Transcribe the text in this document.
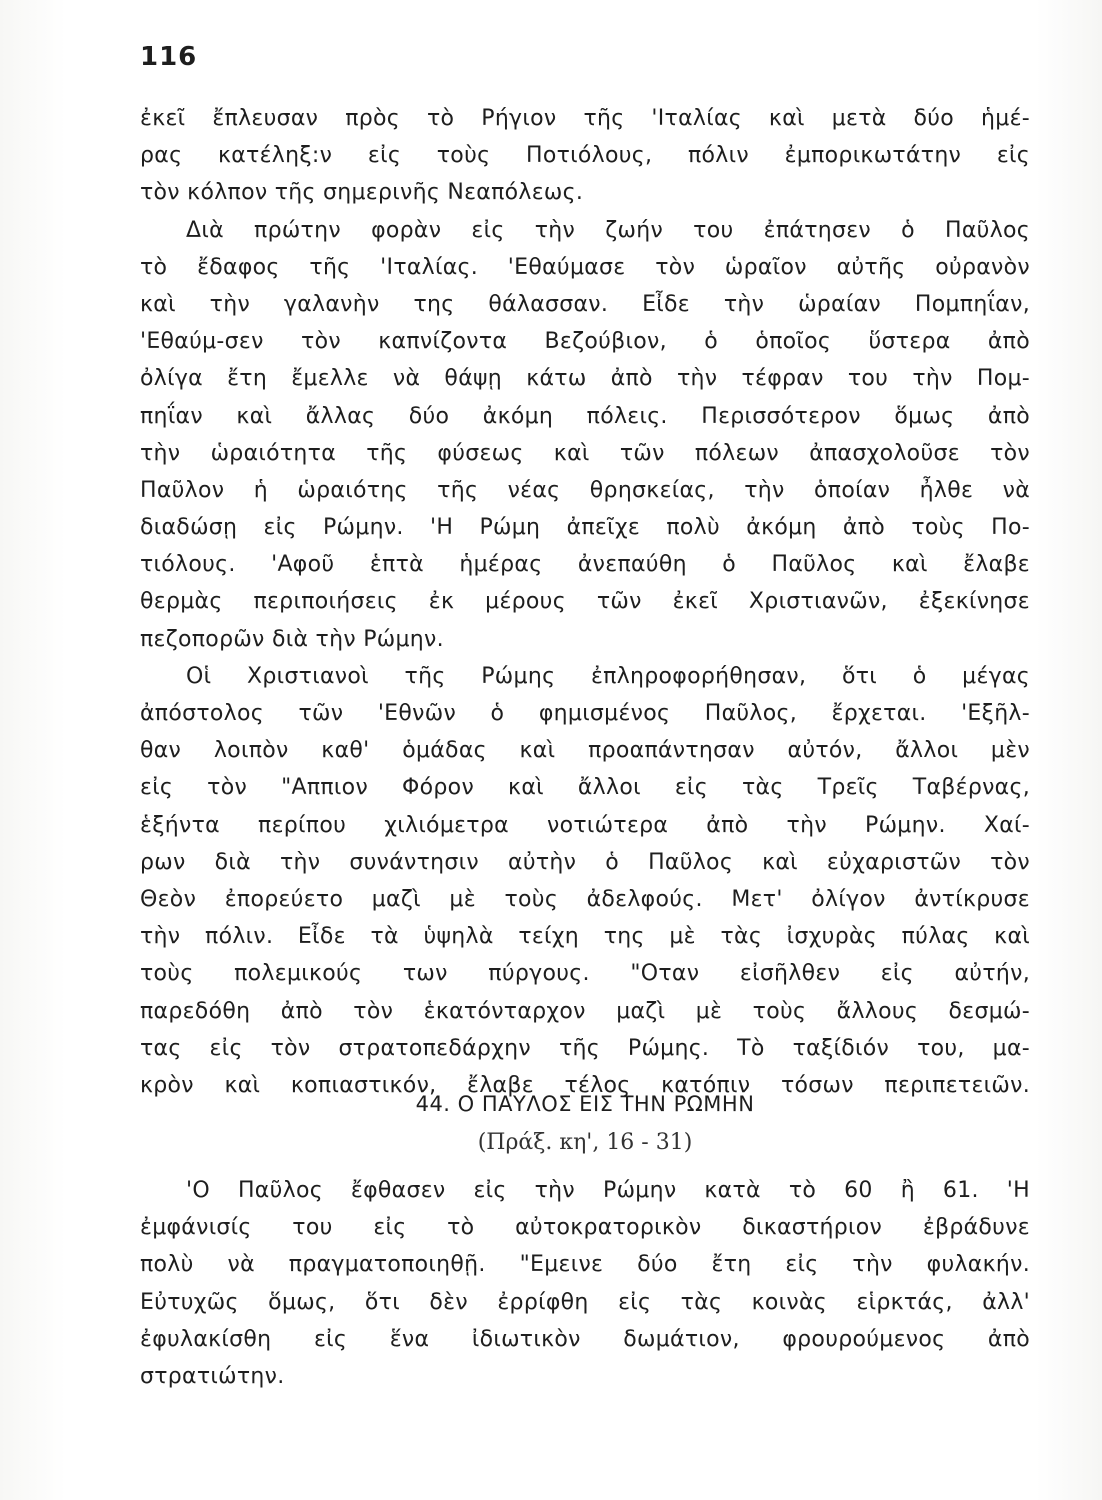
116
ἐκεῖ ἔπλευσαν πρὸς τὸ Ρήγιον τῆς 'Ιταλίας καὶ μετὰ δύο ἡμέ-
ρας κατέληξ:ν εἰς τοὺς Ποτιόλους, πόλιν ἐμπορικωτάτην εἰς
τὸν κόλπον τῆς σημερινῆς Νεαπόλεως.
Διὰ πρώτην φορὰν εἰς τὴν ζωήν του ἐπάτησεν ὁ Παῦλος
τὸ ἔδαφος τῆς 'Ιταλίας. 'Εθαύμασε τὸν ὡραῖον αὐτῆς οὐρανὸν
καὶ τὴν γαλανὴν της θάλασσαν. Εἶδε τὴν ὡραίαν Πομπηΐαν,
'Εθαύμ-σεν τὸν καπνίζοντα Βεζούβιον, ὁ ὁποῖος ὕστερα ἀπὸ
ὀλίγα ἔτη ἔμελλε νὰ θάψῃ κάτω ἀπὸ τὴν τέφραν του τὴν Πομ-
πηΐαν καὶ ἄλλας δύο ἀκόμη πόλεις. Περισσότερον ὅμως ἀπὸ
τὴν ὡραιότητα τῆς φύσεως καὶ τῶν πόλεων ἀπασχολοῦσε τὸν
Παῦλον ἡ ὡραιότης τῆς νέας θρησκείας, τὴν ὁποίαν ἦλθε νὰ
διαδώσῃ εἰς Ρώμην. 'Η Ρώμη ἀπεῖχε πολὺ ἀκόμη ἀπὸ τοὺς Πο-
τιόλους. 'Αφοῦ ἑπτὰ ἡμέρας ἀνεπαύθη ὁ Παῦλος καὶ ἔλαβε
θερμὰς περιποιήσεις ἐκ μέρους τῶν ἐκεῖ Χριστιανῶν, ἐξεκίνησε
πεζοπορῶν διὰ τὴν Ρώμην.
Οἱ Χριστιανοὶ τῆς Ρώμης ἐπληροφορήθησαν, ὅτι ὁ μέγας
ἀπόστολος τῶν 'Εθνῶν ὁ φημισμένος Παῦλος, ἔρχεται. 'Εξῆλ-
θαν λοιπὸν καθ' ὁμάδας καὶ προαπάντησαν αὐτόν, ἄλλοι μὲν
εἰς τὸν "Αππιον Φόρον καὶ ἄλλοι εἰς τὰς Τρεῖς Ταβέρνας,
ἑξήντα περίπου χιλιόμετρα νοτιώτερα ἀπὸ τὴν Ρώμην. Χαί-
ρων διὰ τὴν συνάντησιν αὐτὴν ὁ Παῦλος καὶ εὐχαριστῶν τὸν
Θεὸν ἐπορεύετο μαζὶ μὲ τοὺς ἀδελφούς. Μετ' ὀλίγον ἀντίκρυσε
τὴν πόλιν. Εἶδε τὰ ὑψηλὰ τείχη της μὲ τὰς ἰσχυρὰς πύλας καὶ
τοὺς πολεμικούς των πύργους. "Οταν εἰσῆλθεν εἰς αὐτήν,
παρεδόθη ἀπὸ τὸν ἑκατόνταρχον μαζὶ μὲ τοὺς ἄλλους δεσμώ-
τας εἰς τὸν στρατοπεδάρχην τῆς Ρώμης. Τὸ ταξίδιόν του, μα-
κρὸν καὶ κοπιαστικόν, ἔλαβε τέλος κατόπιν τόσων περιπετειῶν.
44. Ο ΠΑΥΛΟΣ ΕΙΣ ΤΗΝ ΡΩΜΗΝ
(Πράξ. κη', 16 - 31)
'Ο Παῦλος ἔφθασεν εἰς τὴν Ρώμην κατὰ τὸ 60 ἢ 61. 'Η
ἐμφάνισίς του εἰς τὸ αὐτοκρατορικὸν δικαστήριον ἐβράδυνε
πολὺ νὰ πραγματοποιηθῇ. "Εμεινε δύο ἔτη εἰς τὴν φυλακήν.
Εὐτυχῶς ὅμως, ὅτι δὲν ἐρρίφθη εἰς τὰς κοινὰς εἱρκτάς, ἀλλ'
ἐφυλακίσθη εἰς ἕνα ἰδιωτικὸν δωμάτιον, φρουρούμενος ἀπὸ
στρατιώτην.
